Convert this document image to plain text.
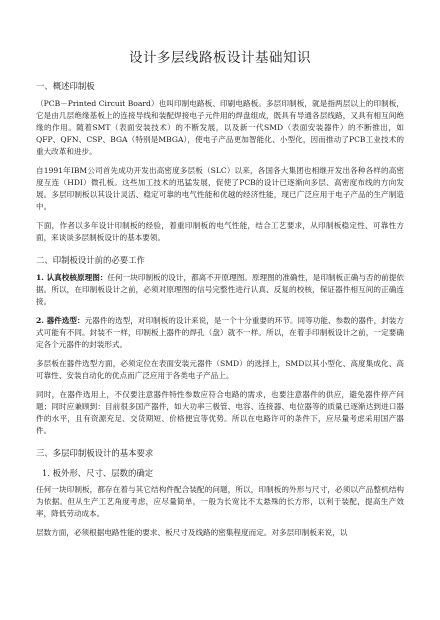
设计多层线路板设计基础知识
一、概述印制板

（PCB－Printed Circuit Board）也叫印制电路板、印刷电路板。多层印制板，就是指两层以上的印制板，它是由几层绝缘基板上的连接导线和装配焊接电子元件用的焊盘组成，既具有导通各层线路，又具有相互间绝缘的作用。随着SMT（表面安装技术）的不断发展，以及新一代SMD（表面安装器件）的不断推出，如QFP、QFN、CSP、BGA（特别是MBGA），使电子产品更加智能化、小型化，因而推动了PCB工业技术的重大改革和进步。

自1991年IBM公司首先成功开发出高密度多层板（SLC）以来，各国各大集团也相继开发出各种各样的高密度互连（HDI）微孔板。这些加工技术的迅猛发展，促使了PCB的设计已逐渐向多层、高密度布线的方向发展。多层印制板以其设计灵活、稳定可靠的电气性能和优越的经济性能，现已广泛应用于电子产品的生产制造中。

下面，作者以多年设计印制板的经验，着重印制板的电气性能，结合工艺要求，从印制板稳定性、可靠性方面，来谈谈多层制板设计的基本要领。

二、印制板设计前的必要工作

1. 认真校核原理图：任何一块印制板的设计，都离不开原理图。原理图的准确性，是印制板正确与否的前提依据。所以，在印制板设计之前，必须对原理图的信号完整性进行认真、反复的校核，保证器件相互间的正确连接。

2. 器件选型：元器件的选型，对印制板的设计来说，是一个十分重要的环节。同等功能、参数的器件，封装方式可能有不同。封装不一样，印制板上器件的焊孔（盘）就不一样。所以，在着手印制板设计之前，一定要确定各个元器件的封装形式。

多层板在器件选型方面，必须定位在表面安装元器件（SMD）的选择上，SMD以其小型化、高度集成化、高可靠性、安装自动化的优点而广泛应用于各类电子产品上。

同时，在器件选用上，不仅要注意器件特性参数应符合电路的需求，也要注意器件的供应，避免器件停产问题；同时应兼顾到：目前很多国产器件，如大功率三极管、电容、连接器、电位器等的质量已逐渐达到进口器件的水平，且有资源充足、交货期短、价格便宜等优势。所以在电路许可的条件下，应尽量考虑采用国产器件。

三、多层印制板设计的基本要求
1. 板外形、尺寸、层数的确定

任何一块印制板，都存在着与其它结构件配合装配的问题，所以，印制板的外形与尺寸，必须以产品整机结构为依据。但从生产工艺角度考虑，应尽量简单，一般为长宽比不太悬殊的长方形，以利于装配，提高生产效率，降低劳动成本。

层数方面，必须根据电路性能的要求、板尺寸及线路的密集程度而定。对多层印制板来说，以
